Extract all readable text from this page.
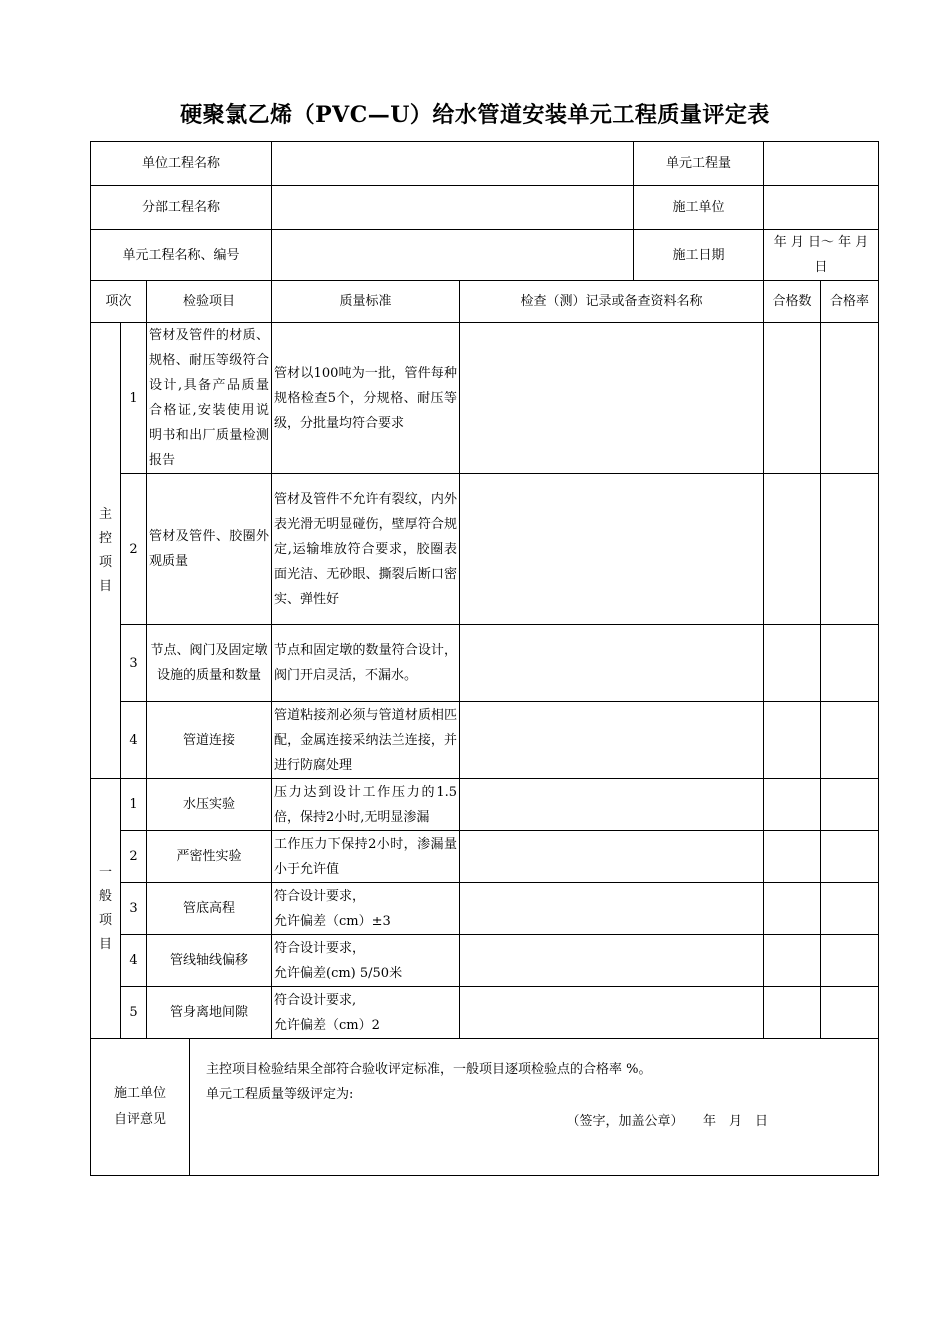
硬聚氯乙烯（PVC—U）给水管道安装单元工程质量评定表
单位工程名称					单元工程量		
分部工程名称					施工单位		
单元工程名称、编号					施工日期	年 月 日～ 年 月 日	
项次		检验项目	质量标准	检查（测）记录或备查资料名称		合格数	合格率

主
控
项
目	1	管材及管件的材质、规格、耐压等级符合设计,具备产品质量合格证,安装使用说明书和出厂质量检测报告	管材以100吨为一批，管件每种规格检查5个，分规格、耐压等级，分批量均符合要求				
	2	管材及管件、胶圈外观质量	管材及管件不允许有裂纹，内外表光滑无明显碰伤，壁厚符合规定,运输堆放符合要求，胶圈表面光洁、无砂眼、撕裂后断口密实、弹性好				
	3	节点、阀门及固定墩设施的质量和数量	节点和固定墩的数量符合设计，阀门开启灵活，不漏水。				
	4	管道连接	管道粘接剂必须与管道材质相匹配，金属连接采纳法兰连接，并进行防腐处理				

一
般
项
目	1	水压实验	压力达到设计工作压力的1.5倍，保持2小时,无明显渗漏				
	2	严密性实验	工作压力下保持2小时，渗漏量小于允许值				
	3	管底高程	符合设计要求，
允许偏差（cm）±3				

	4	管线轴线偏移	符合设计要求，
允许偏差(cm) 5/50米				

	5	管身离地间隙	符合设计要求,
允许偏差（cm）2				

施工单位
自评意见
主控项目检验结果全部符合验收评定标准，一般项目逐项检验点的合格率 %。
单元工程质量等级评定为:
（签字，加盖公章）　　年　月　日							
